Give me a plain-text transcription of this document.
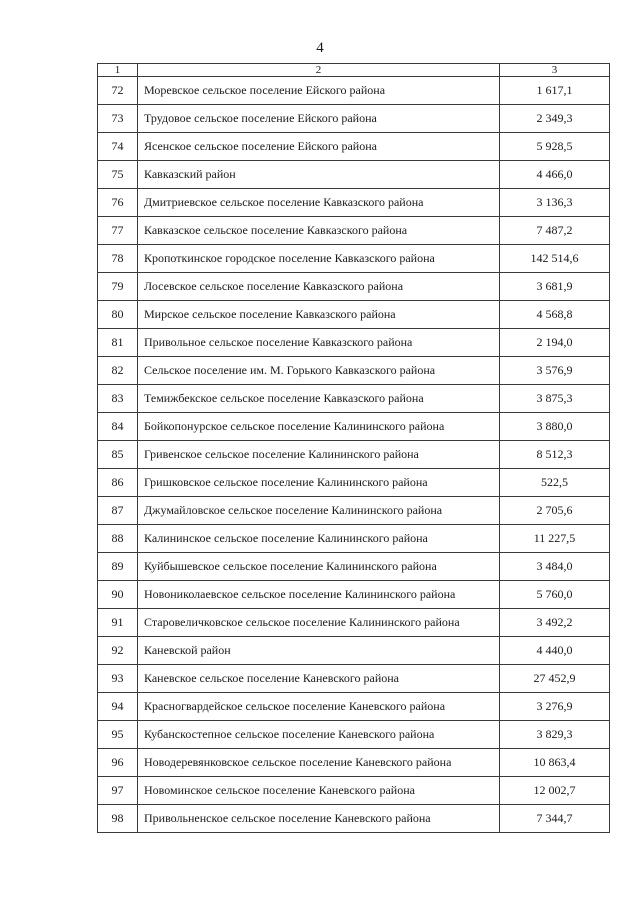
4
1	2	3
72	Моревское сельское поселение Ейского района	1 617,1
73	Трудовое сельское поселение Ейского района	2 349,3
74	Ясенское сельское поселение Ейского района	5 928,5
75	Кавказский район	4 466,0
76	Дмитриевское сельское поселение Кавказского района	3 136,3
77	Кавказское сельское поселение Кавказского района	7 487,2
78	Кропоткинское городское поселение Кавказского района	142 514,6
79	Лосевское сельское поселение Кавказского района	3 681,9
80	Мирское сельское поселение Кавказского района	4 568,8
81	Привольное сельское поселение Кавказского района	2 194,0
82	Сельское поселение им. М. Горького Кавказского района	3 576,9
83	Темижбекское сельское поселение Кавказского района	3 875,3
84	Бойкопонурское сельское поселение Калининского района	3 880,0
85	Гривенское сельское поселение Калининского района	8 512,3
86	Гришковское сельское поселение Калининского района	522,5
87	Джумайловское сельское поселение Калининского района	2 705,6
88	Калининское сельское поселение Калининского района	11 227,5
89	Куйбышевское сельское поселение Калининского района	3 484,0
90	Новониколаевское сельское поселение Калининского района	5 760,0
91	Старовеличковское сельское поселение Калининского района	3 492,2
92	Каневской район	4 440,0
93	Каневское сельское поселение Каневского района	27 452,9
94	Красногвардейское сельское поселение Каневского района	3 276,9
95	Кубанскостепное сельское поселение Каневского района	3 829,3
96	Новодеревянковское сельское поселение Каневского района	10 863,4
97	Новоминское сельское поселение Каневского района	12 002,7
98	Привольненское сельское поселение Каневского района	7 344,7
